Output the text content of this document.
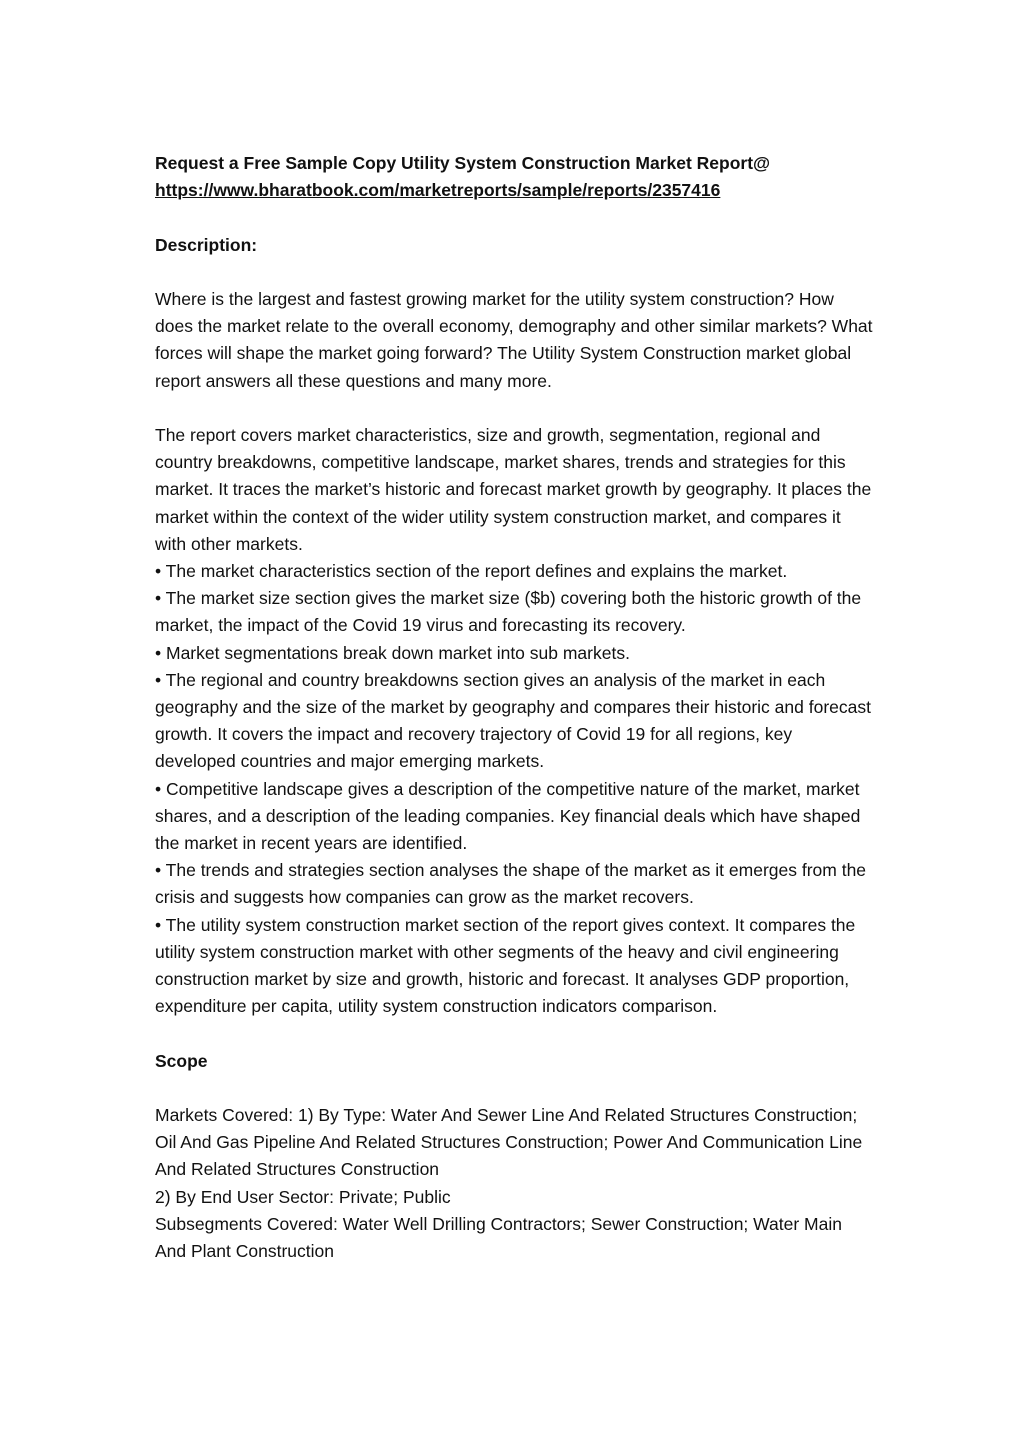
Request a Free Sample Copy Utility System Construction Market Report@

https://www.bharatbook.com/marketreports/sample/reports/2357416

Description:

Where is the largest and fastest growing market for the utility system construction? How does the market relate to the overall economy, demography and other similar markets? What forces will shape the market going forward? The Utility System Construction market global report answers all these questions and many more.

The report covers market characteristics, size and growth, segmentation, regional and country breakdowns, competitive landscape, market shares, trends and strategies for this market. It traces the market’s historic and forecast market growth by geography. It places the market within the context of the wider utility system construction market, and compares it with other markets.

• The market characteristics section of the report defines and explains the market.

• The market size section gives the market size ($b) covering both the historic growth of the market, the impact of the Covid 19 virus and forecasting its recovery.

• Market segmentations break down market into sub markets.

• The regional and country breakdowns section gives an analysis of the market in each geography and the size of the market by geography and compares their historic and forecast growth. It covers the impact and recovery trajectory of Covid 19 for all regions, key developed countries and major emerging markets.

• Competitive landscape gives a description of the competitive nature of the market, market shares, and a description of the leading companies. Key financial deals which have shaped the market in recent years are identified.

• The trends and strategies section analyses the shape of the market as it emerges from the crisis and suggests how companies can grow as the market recovers.

• The utility system construction market section of the report gives context. It compares the utility system construction market with other segments of the heavy and civil engineering construction market by size and growth, historic and forecast. It analyses GDP proportion, expenditure per capita, utility system construction indicators comparison.

Scope

Markets Covered: 1) By Type: Water And Sewer Line And Related Structures Construction; Oil And Gas Pipeline And Related Structures Construction; Power And Communication Line And Related Structures Construction

2) By End User Sector: Private; Public

Subsegments Covered: Water Well Drilling Contractors; Sewer Construction; Water Main And Plant Construction
